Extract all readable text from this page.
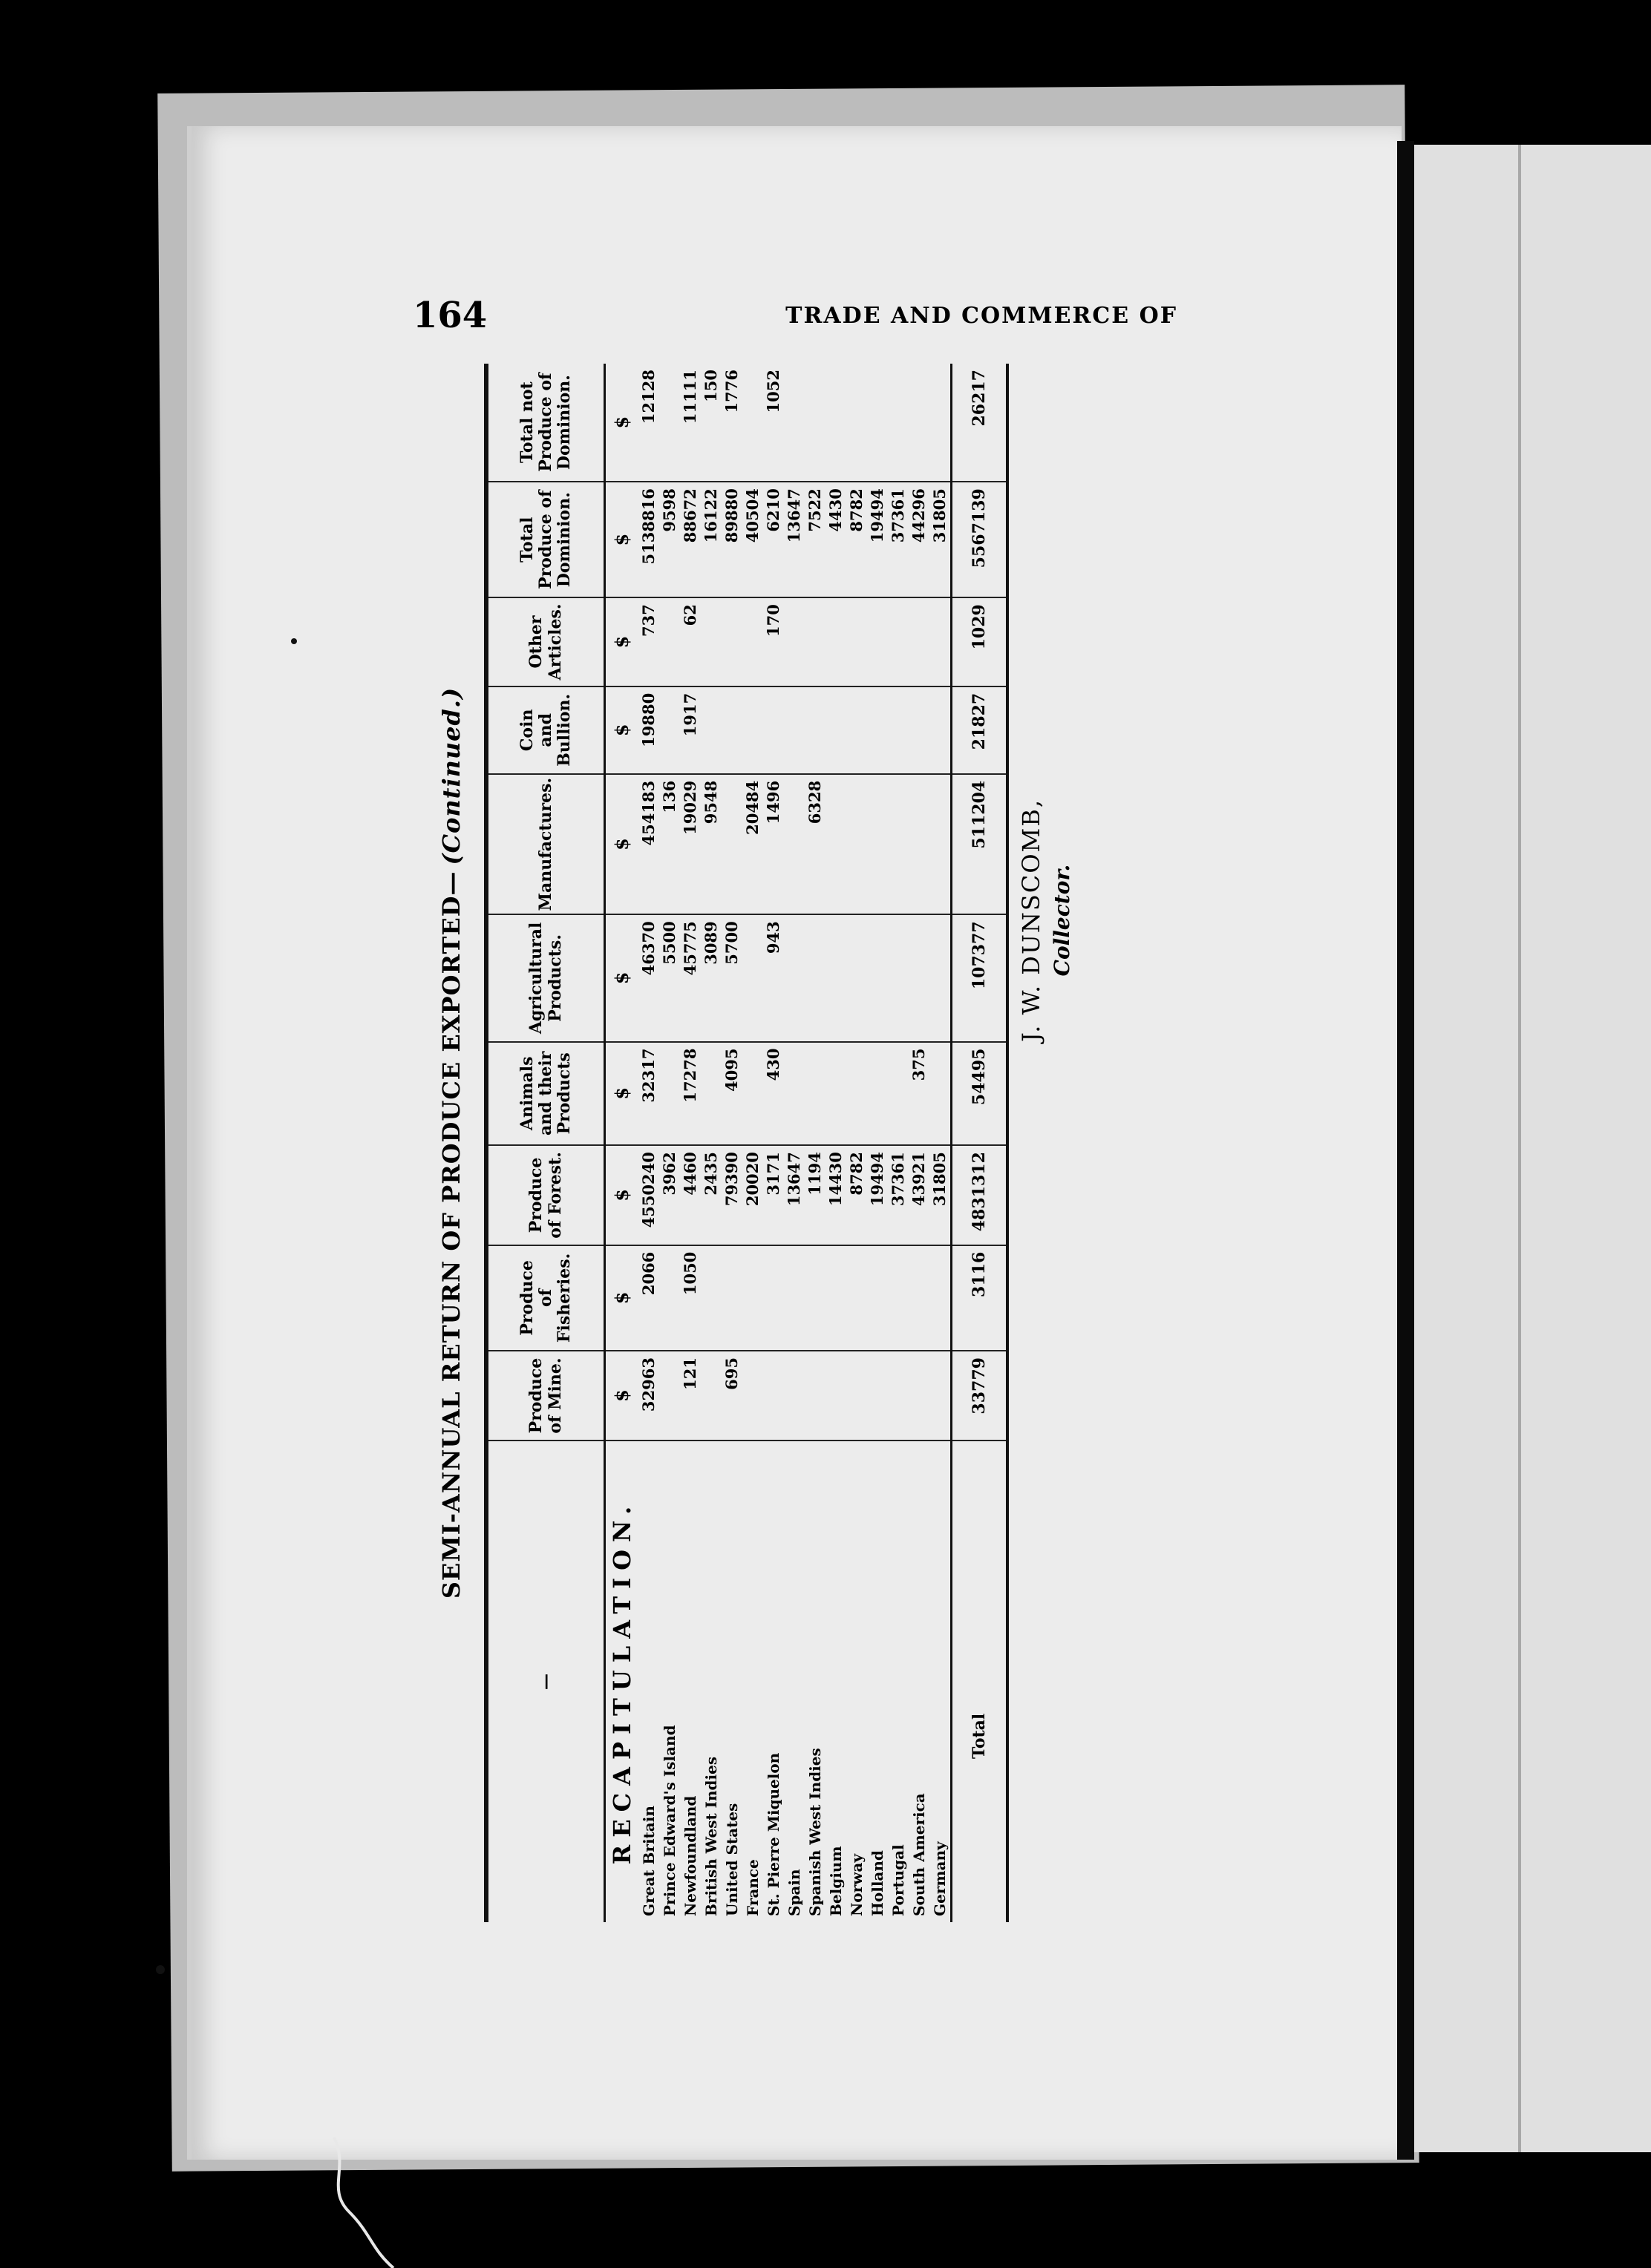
164	TRADE AND COMMERCE OF
SEMI-ANNUAL RETURN OF PRODUCE EXPORTED—
(Continued.)
—	Produce of Mine.	Produce of Fisheries.	Produce of Forest.	Animals and their Products	Agricultural Products.	Manufactures.	Coin and Bullion.	Other Articles.	Total Produce of Dominion.	Total not Produce of Dominion.
RECAPITULATION.	$	$	$	$	$	$	$	$	$	$
Great Britain	32963	2066	4550240	32317	46370	454183	19880	737	5138816	12128
Prince Edward's Island			3962		5500	136			9598	
Newfoundland	121	1050	4460	17278	45775	19029	1917	62	88672	11111
British West Indies			2435		3089	9548			16122	150
United States	695		79390	4095	5700				89880	1776
France			20020			20484			40504	
St. Pierre Miquelon			3171	430	943	1496		170	6210	1052
Spain			13647						13647	
Spanish West Indies			1194			6328			7522	
Belgium			14430						4430	
Norway			8782						8782	
Holland			19494						19494	
Portugal			37361						37361	
South America			43921	375					44296	
Germany			31805						31805	
Total	33779	3116	4831312	54495	107377	511204	21827	1029	5567139	26217
J. W. DUNSCOMB, Collector.
